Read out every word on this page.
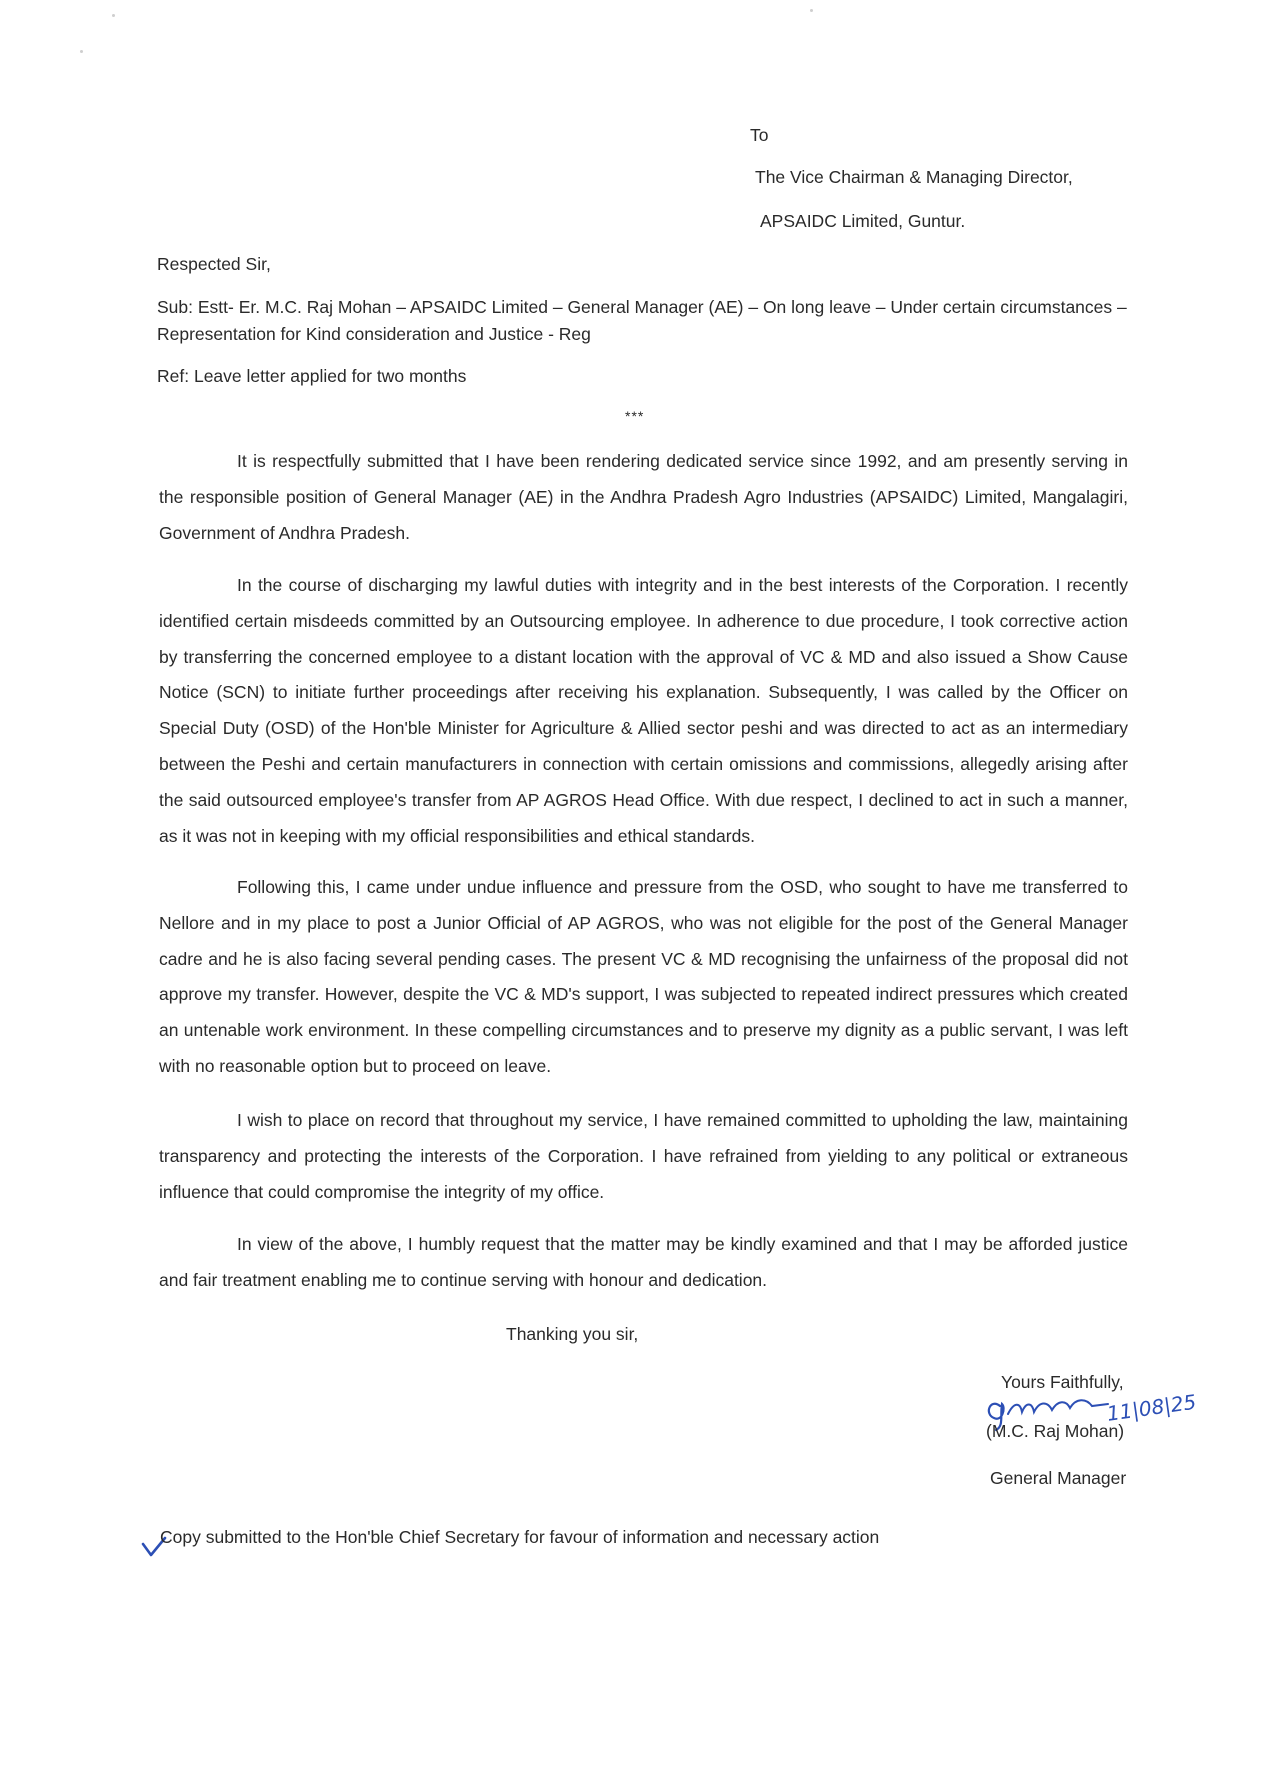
To
The Vice Chairman & Managing Director,
APSAIDC Limited, Guntur.
Respected Sir,
Sub: Estt- Er. M.C. Raj Mohan – APSAIDC Limited – General Manager (AE) – On long leave – Under certain circumstances –
Representation for Kind consideration and Justice - Reg
Ref: Leave letter applied for two months
***
It is respectfully submitted that I have been rendering dedicated service since 1992, and am presently serving in the responsible position of General Manager (AE) in the Andhra Pradesh Agro Industries (APSAIDC) Limited, Mangalagiri, Government of Andhra Pradesh.
In the course of discharging my lawful duties with integrity and in the best interests of the Corporation. I recently identified certain misdeeds committed by an Outsourcing employee. In adherence to due procedure, I took corrective action by transferring the concerned employee to a distant location with the approval of VC & MD and also issued a Show Cause Notice (SCN) to initiate further proceedings after receiving his explanation. Subsequently, I was called by the Officer on Special Duty (OSD) of the Hon'ble Minister for Agriculture & Allied sector peshi and was directed to act as an intermediary between the Peshi and certain manufacturers in connection with certain omissions and commissions, allegedly arising after the said outsourced employee's transfer from AP AGROS Head Office. With due respect, I declined to act in such a manner, as it was not in keeping with my official responsibilities and ethical standards.
Following this, I came under undue influence and pressure from the OSD, who sought to have me transferred to Nellore and in my place to post a Junior Official of AP AGROS, who was not eligible for the post of the General Manager cadre and he is also facing several pending cases. The present VC & MD recognising the unfairness of the proposal did not approve my transfer. However, despite the VC & MD's support, I was subjected to repeated indirect pressures which created an untenable work environment. In these compelling circumstances and to preserve my dignity as a public servant, I was left with no reasonable option but to proceed on leave.
I wish to place on record that throughout my service, I have remained committed to upholding the law, maintaining transparency and protecting the interests of the Corporation. I have refrained from yielding to any political or extraneous influence that could compromise the integrity of my office.
In view of the above, I humbly request that the matter may be kindly examined and that I may be afforded justice and fair treatment enabling me to continue serving with honour and dedication.
Thanking you sir,
Yours Faithfully,
11|08|25
(M.C. Raj Mohan)
General Manager
Copy submitted to the Hon'ble Chief Secretary for favour of information and necessary action
